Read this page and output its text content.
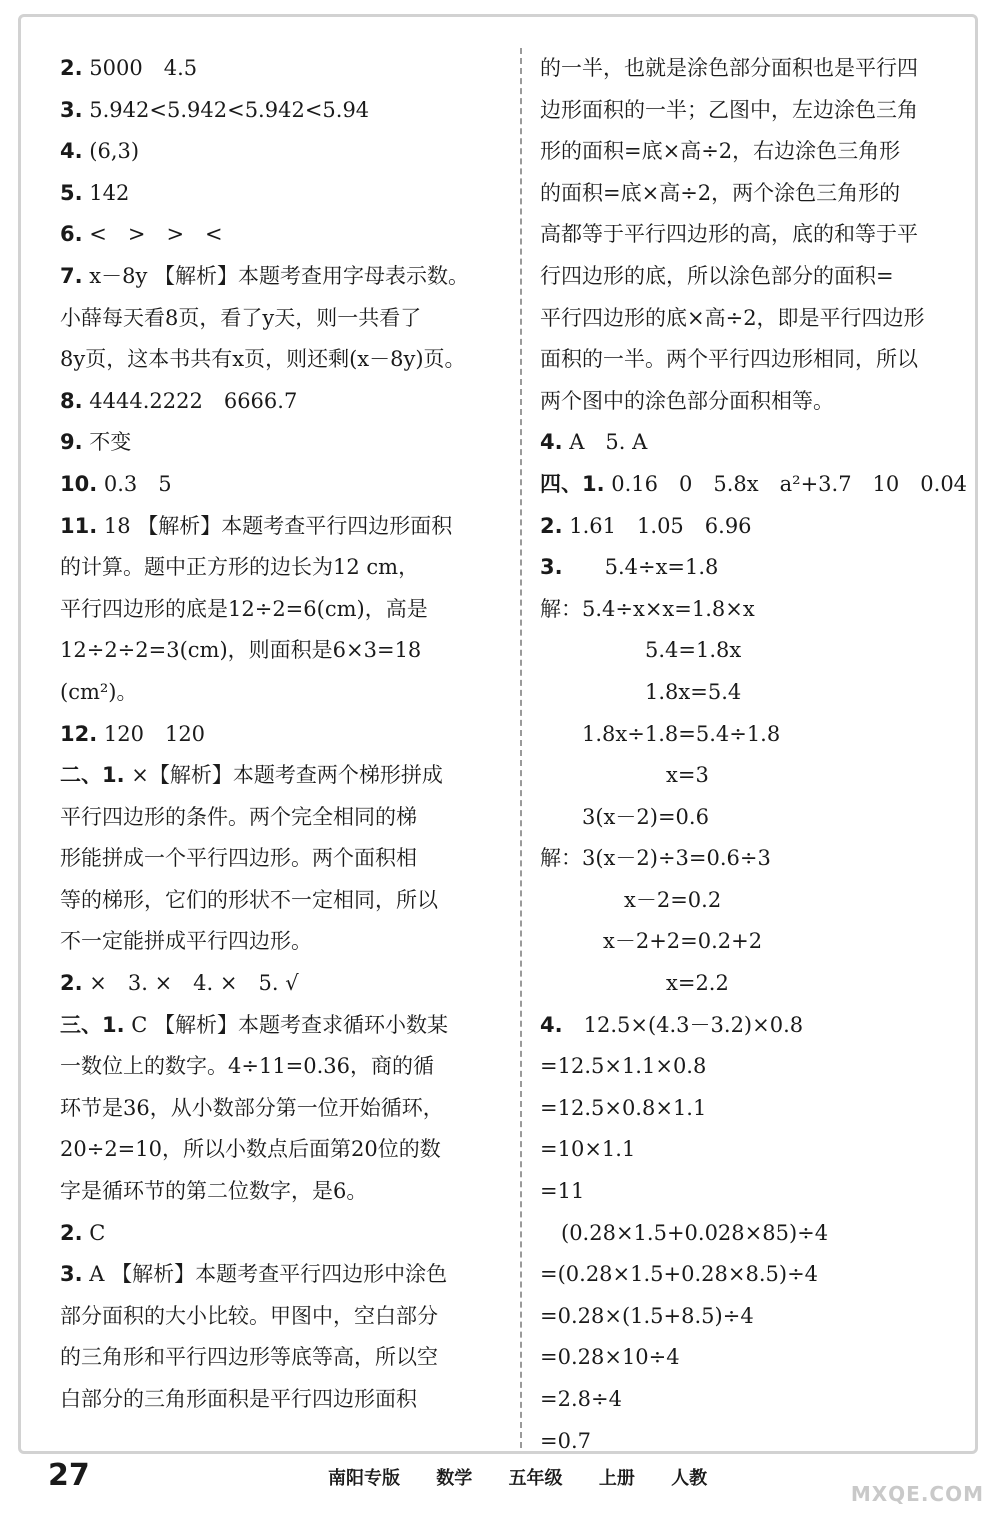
2. 5000　4.5
3. 5.942<5.942<5.942<5.94
4. (6,3)
5. 142
6. <　>　>　<
7. x－8y 【解析】本题考查用字母表示数。
小薛每天看8页，看了y天，则一共看了
8y页，这本书共有x页，则还剩(x－8y)页。
8. 4444.2222　6666.7
9. 不变
10. 0.3　5
11. 18 【解析】本题考查平行四边形面积
的计算。题中正方形的边长为12 cm，
平行四边形的底是12÷2=6(cm)，高是
12÷2÷2=3(cm)，则面积是6×3=18
(cm²)。
12. 120　120
二、1. ×【解析】本题考查两个梯形拼成
平行四边形的条件。两个完全相同的梯
形能拼成一个平行四边形。两个面积相
等的梯形，它们的形状不一定相同，所以
不一定能拼成平行四边形。
2. ×　3. ×　4. ×　5. √
三、1. C 【解析】本题考查求循环小数某
一数位上的数字。4÷11=0.36，商的循
环节是36，从小数部分第一位开始循环，
20÷2=10，所以小数点后面第20位的数
字是循环节的第二位数字，是6。
2. C
3. A 【解析】本题考查平行四边形中涂色
部分面积的大小比较。甲图中，空白部分
的三角形和平行四边形等底等高，所以空
白部分的三角形面积是平行四边形面积
的一半，也就是涂色部分面积也是平行四
边形面积的一半；乙图中，左边涂色三角
形的面积=底×高÷2，右边涂色三角形
的面积=底×高÷2，两个涂色三角形的
高都等于平行四边形的高，底的和等于平
行四边形的底，所以涂色部分的面积=
平行四边形的底×高÷2，即是平行四边形
面积的一半。两个平行四边形相同，所以
两个图中的涂色部分面积相等。
4. A　5. A
四、1. 0.16　0　5.8x　a²+3.7　10　0.04
2. 1.61　1.05　6.96
3.　　5.4÷x=1.8
解：5.4÷x×x=1.8×x
　　　　　5.4=1.8x
　　　　　1.8x=5.4
　　1.8x÷1.8=5.4÷1.8
　　　　　　x=3
　　3(x－2)=0.6
解：3(x－2)÷3=0.6÷3
　　　　x－2=0.2
　　　x－2+2=0.2+2
　　　　　　x=2.2
4.　12.5×(4.3－3.2)×0.8
=12.5×1.1×0.8
=12.5×0.8×1.1
=10×1.1
=11
　(0.28×1.5+0.028×85)÷4
=(0.28×1.5+0.28×8.5)÷4
=0.28×(1.5+8.5)÷4
=0.28×10÷4
=2.8÷4
=0.7
27	南阳专版 数学 五年级 上册 人教
MXQE.COM
